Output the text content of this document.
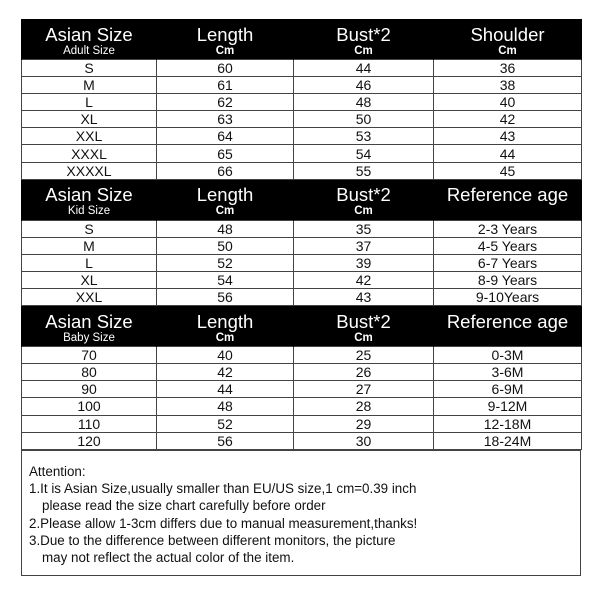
Asian Size	Length	Bust*2	Shoulder
Adult Size	Cm	Cm	Cm
S	60	44	36
M	61	46	38
L	62	48	40
XL	63	50	42
XXL	64	53	43
XXXL	65	54	44
XXXXL	66	55	45
Asian Size	Length	Bust*2	Reference age
Kid Size	Cm	Cm	
S	48	35	2-3 Years
M	50	37	4-5 Years
L	52	39	6-7 Years
XL	54	42	8-9 Years
XXL	56	43	9-10Years
Asian Size	Length	Bust*2	Reference age
Baby Size	Cm	Cm	
70	40	25	0-3M
80	42	26	3-6M
90	44	27	6-9M
100	48	28	9-12M
110	52	29	12-18M
120	56	30	18-24M

Attention:

1.It is Asian Size,usually smaller than EU/US size,1 cm=0.39 inch

please read the size chart carefully before order

2.Please allow 1-3cm differs due to manual measurement,thanks!

3.Due to the difference between different monitors, the picture

may not reflect the actual color of the item.
